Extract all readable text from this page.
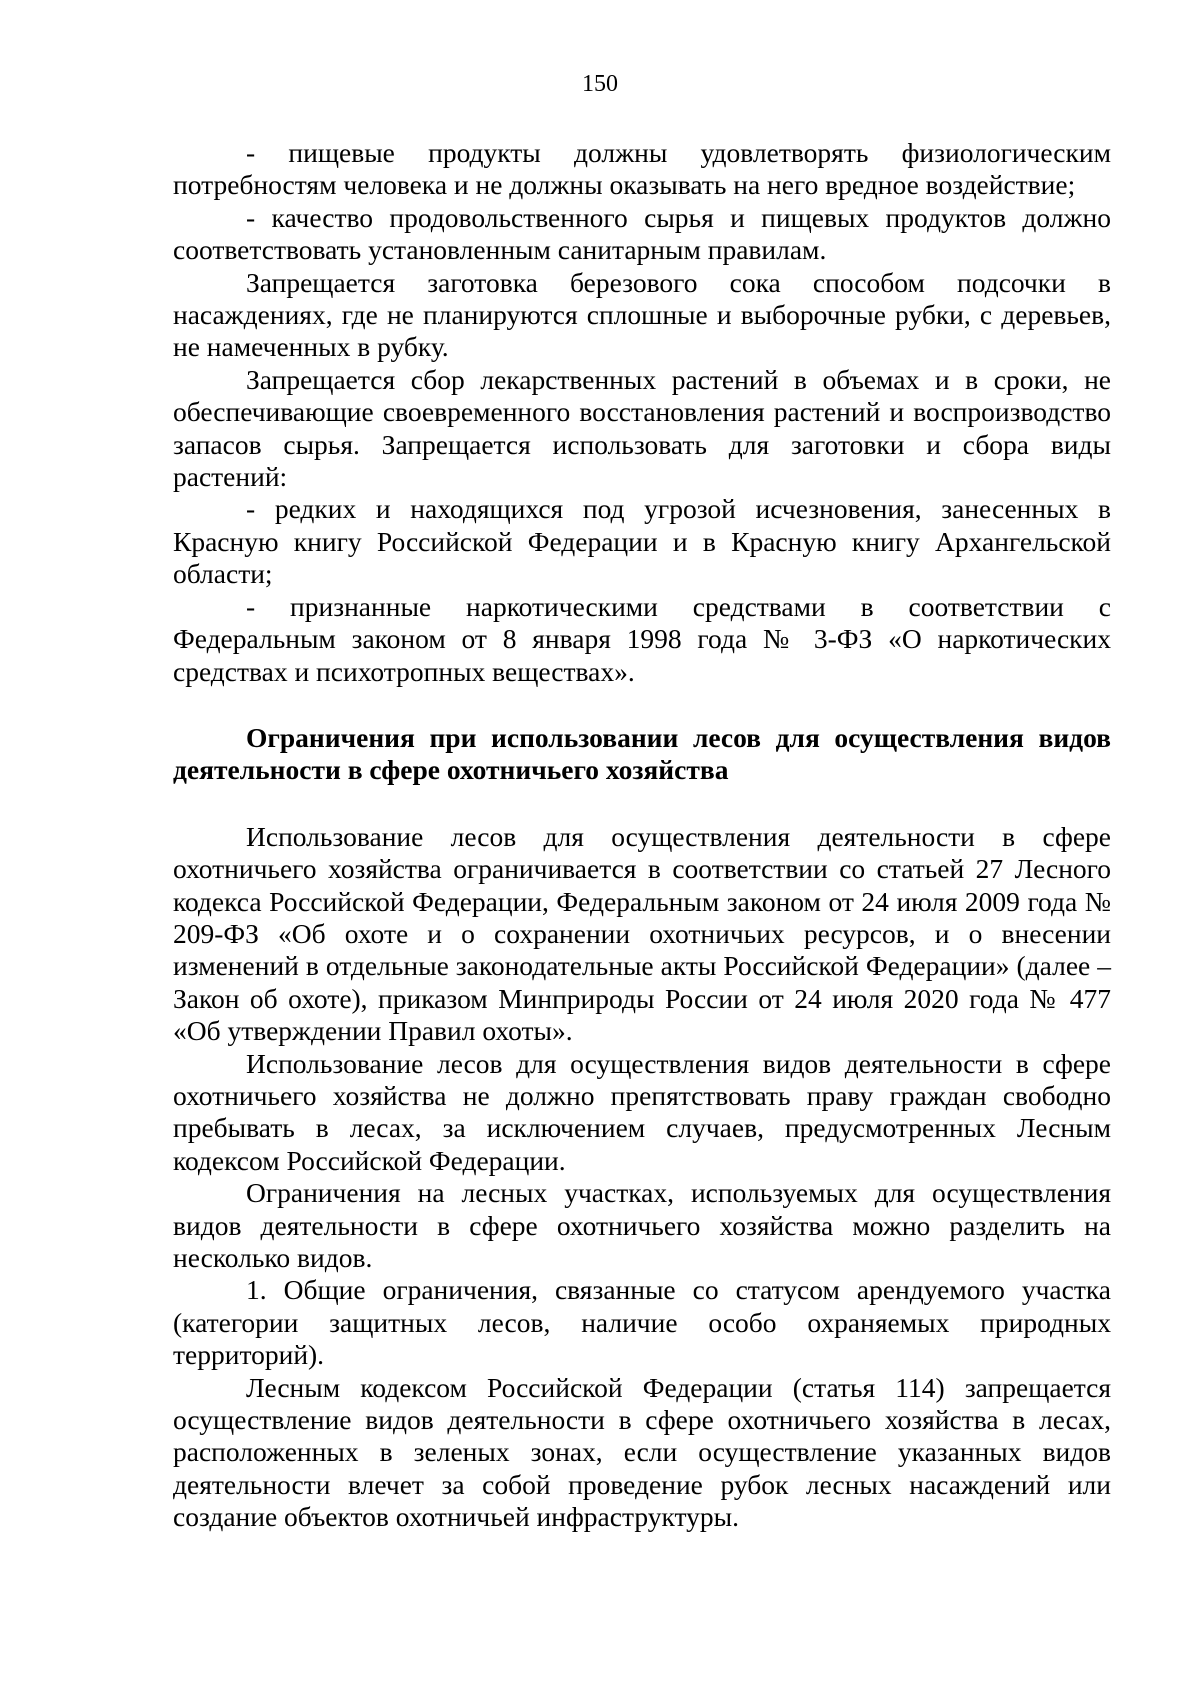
150

- пищевые продукты должны удовлетворять физиологическим потребностям человека и не должны оказывать на него вредное воздействие;

- качество продовольственного сырья и пищевых продуктов должно соответствовать установленным санитарным правилам.

Запрещается заготовка березового сока способом подсочки в насаждениях, где не планируются сплошные и выборочные рубки, с деревьев, не намеченных в рубку.

Запрещается сбор лекарственных растений в объемах и в сроки, не обеспечивающие своевременного восстановления растений и воспроизводство запасов сырья. Запрещается использовать для заготовки и сбора виды растений:

- редких и находящихся под угрозой исчезновения, занесенных в Красную книгу Российской Федерации и в Красную книгу Архангельской области;

- признанные наркотическими средствами в соответствии с Федеральным законом от 8 января 1998 года № 3-ФЗ «О наркотических средствах и психотропных веществах».

Ограничения при использовании лесов для осуществления видов деятельности в сфере охотничьего хозяйства

Использование лесов для осуществления деятельности в сфере охотничьего хозяйства ограничивается в соответствии со статьей 27 Лесного кодекса Российской Федерации, Федеральным законом от 24 июля 2009 года № 209-ФЗ «Об охоте и о сохранении охотничьих ресурсов, и о внесении изменений в отдельные законодательные акты Российской Федерации» (далее – Закон об охоте), приказом Минприроды России от 24 июля 2020 года № 477 «Об утверждении Правил охоты».

Использование лесов для осуществления видов деятельности в сфере охотничьего хозяйства не должно препятствовать праву граждан свободно пребывать в лесах, за исключением случаев, предусмотренных Лесным кодексом Российской Федерации.

Ограничения на лесных участках, используемых для осуществления видов деятельности в сфере охотничьего хозяйства можно разделить на несколько видов.

1. Общие ограничения, связанные со статусом арендуемого участка (категории защитных лесов, наличие особо охраняемых природных территорий).

Лесным кодексом Российской Федерации (статья 114) запрещается осуществление видов деятельности в сфере охотничьего хозяйства в лесах, расположенных в зеленых зонах, если осуществление указанных видов деятельности влечет за собой проведение рубок лесных насаждений или создание объектов охотничьей инфраструктуры.
